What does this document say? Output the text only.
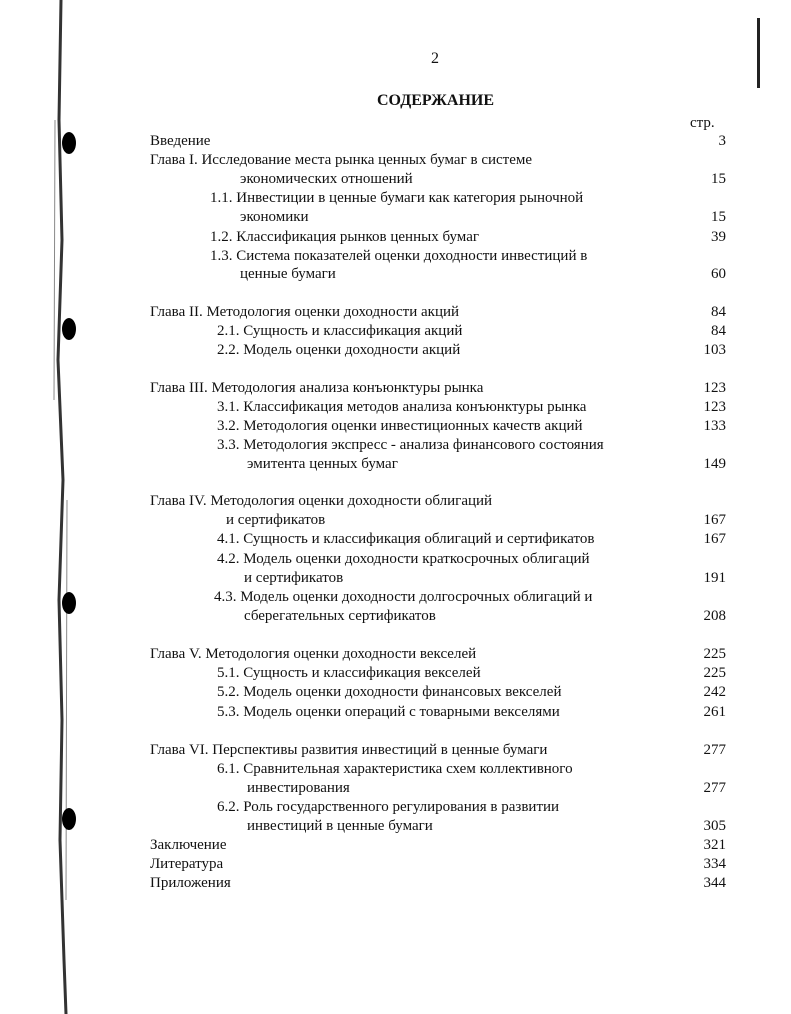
2
СОДЕРЖАНИЕ
стр.
Введение	3
Глава I. Исследование места рынка ценных бумаг в системе
экономических отношений	15
1.1. Инвестиции в ценные бумаги как категория рыночной
экономики	15
1.2. Классификация рынков ценных бумаг	39
1.3. Система показателей оценки доходности инвестиций в
ценные бумаги	60
Глава II. Методология оценки доходности акций	84
2.1. Сущность и классификация акций	84
2.2. Модель оценки доходности акций	103
Глава III. Методология анализа конъюнктуры рынка	123
3.1. Классификация методов анализа конъюнктуры рынка	123
3.2. Методология оценки инвестиционных качеств акций	133
3.3. Методология экспресс - анализа финансового состояния
эмитента ценных бумаг	149
Глава IV. Методология оценки доходности облигаций
и сертификатов	167
4.1. Сущность и классификация облигаций и сертификатов	167
4.2. Модель оценки доходности краткосрочных облигаций
и сертификатов	191
4.3. Модель оценки доходности долгосрочных облигаций и
сберегательных сертификатов	208
Глава V. Методология оценки доходности векселей	225
5.1. Сущность и классификация векселей	225
5.2. Модель оценки доходности финансовых векселей	242
5.3. Модель оценки операций с товарными векселями	261
Глава VI. Перспективы развития инвестиций в ценные бумаги	277
6.1. Сравнительная характеристика схем коллективного
инвестирования	277
6.2. Роль государственного регулирования в развитии
инвестиций в ценные бумаги	305
Заключение	321
Литература	334
Приложения	344
